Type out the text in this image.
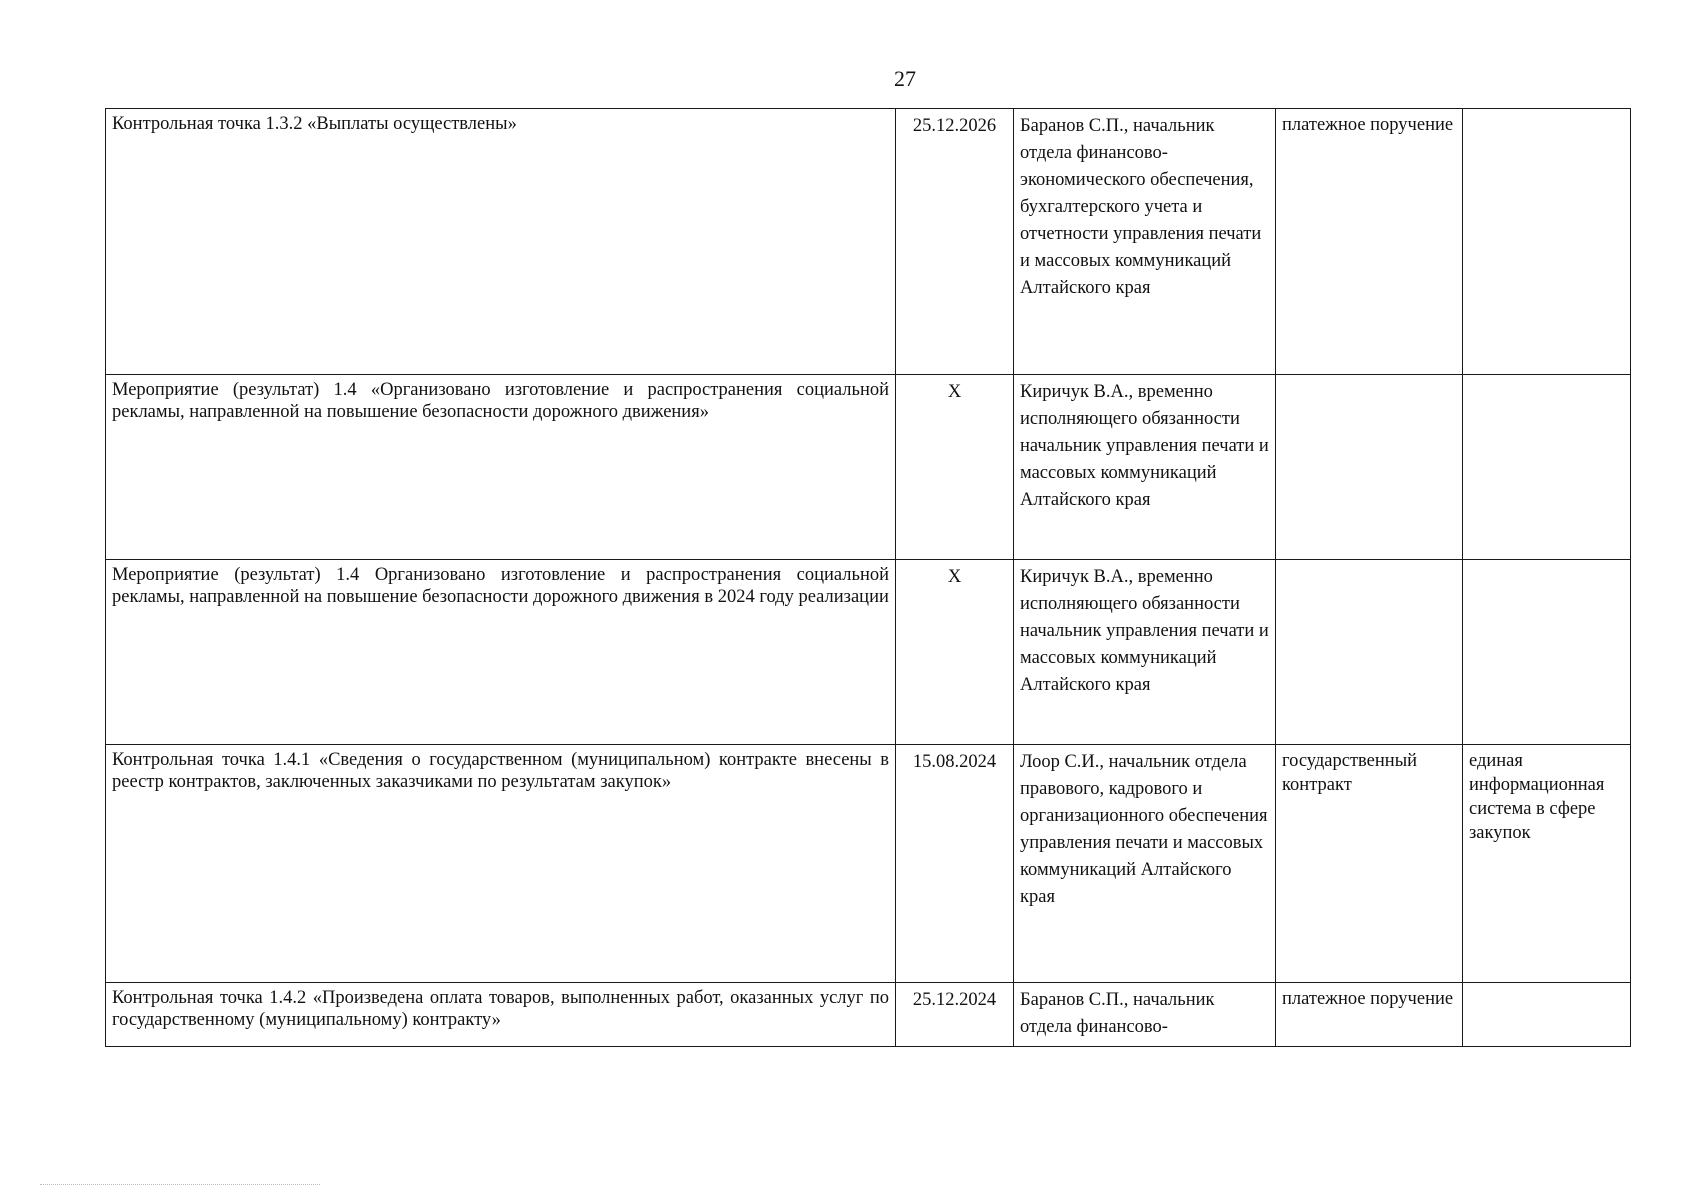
27
Контрольная точка 1.3.2 «Выплаты осуществлены»	25.12.2026	Баранов С.П., начальник отдела финансово-экономического обеспечения, бухгалтерского учета и отчетности управления печати и массовых коммуникаций Алтайского края	платежное поручение	
Мероприятие (результат) 1.4 «Организовано изготовление и распространения социальной рекламы, направленной на повышение безопасности дорожного движения»	X	Киричук В.А., временно исполняющего обязанности начальник управления печати и массовых коммуникаций Алтайского края		
Мероприятие (результат) 1.4 Организовано изготовление и распространения социальной рекламы, направленной на повышение безопасности дорожного движения в 2024 году реализации	X	Киричук В.А., временно исполняющего обязанности начальник управления печати и массовых коммуникаций Алтайского края		
Контрольная точка 1.4.1 «Сведения о государственном (муниципальном) контракте внесены в реестр контрактов, заключенных заказчиками по результатам закупок»	15.08.2024	Лоор С.И., начальник отдела правового, кадрового и организационного обеспечения управления печати и массовых коммуникаций Алтайского края	государственный контракт	единая информационная система в сфере закупок
Контрольная точка 1.4.2 «Произведена оплата товаров, выполненных работ, оказанных услуг по государственному (муниципальному) контракту»	25.12.2024	Баранов С.П., начальник отдела финансово-	платежное поручение	
